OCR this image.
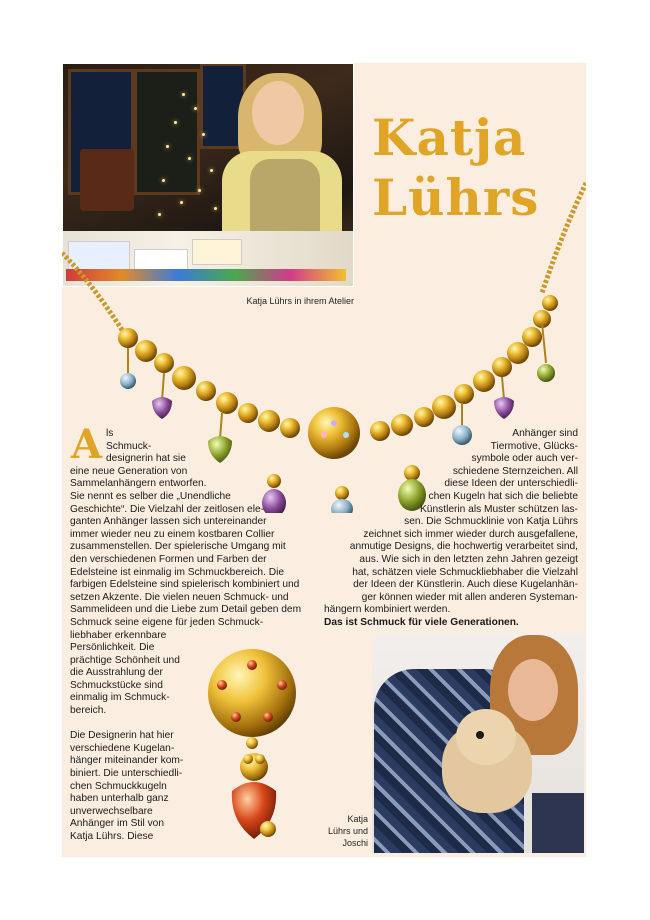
Katja
Lührs
Katja Lührs in ihrem Atelier
A ls
Schmuck-
designerin hat sie
eine neue Generation von
Sammelanhängern entworfen.
Sie nennt es selber die „Unendliche
Geschichte“. Die Vielzahl der zeitlosen ele-
ganten Anhänger lassen sich untereinander
immer wieder neu zu einem kostbaren Collier
zusammenstellen. Der spielerische Umgang mit
den verschiedenen Formen und Farben der
Edelsteine ist einmalig im Schmuckbereich. Die
farbigen Edelsteine sind spielerisch kombiniert und
setzen Akzente. Die vielen neuen Schmuck- und
Sammelideen und die Liebe zum Detail geben dem
Schmuck seine eigene für jeden Schmuck-
liebhaber erkennbare
Persönlichkeit. Die
prächtige Schönheit und
die Ausstrahlung der
Schmuckstücke sind
einmalig im Schmuck-
bereich.
Die Designerin hat hier
verschiedene Kugelan-
hänger miteinander kom-
biniert. Die unterschiedli-
chen Schmuckkugeln
haben unterhalb ganz
unverwechselbare
Anhänger im Stil von
Katja Lührs. Diese
Anhänger sind
Tiermotive, Glücks-
symbole oder auch ver-
schiedene Sternzeichen. All
diese Ideen der unterschiedli-
chen Kugeln hat sich die beliebte
Künstlerin als Muster schützen las-
sen. Die Schmucklinie von Katja Lührs
zeichnet sich immer wieder durch ausgefallene,
anmutige Designs, die hochwertig verarbeitet sind,
aus. Wie sich in den letzten zehn Jahren gezeigt
hat, schätzen viele Schmuckliebhaber die Vielzahl
der Ideen der Künstlerin. Auch diese Kugelanhän-
ger können wieder mit allen anderen Systeman-
hängern kombiniert werden.
Das ist Schmuck für viele Generationen.
Katja
Lührs und
Joschi
